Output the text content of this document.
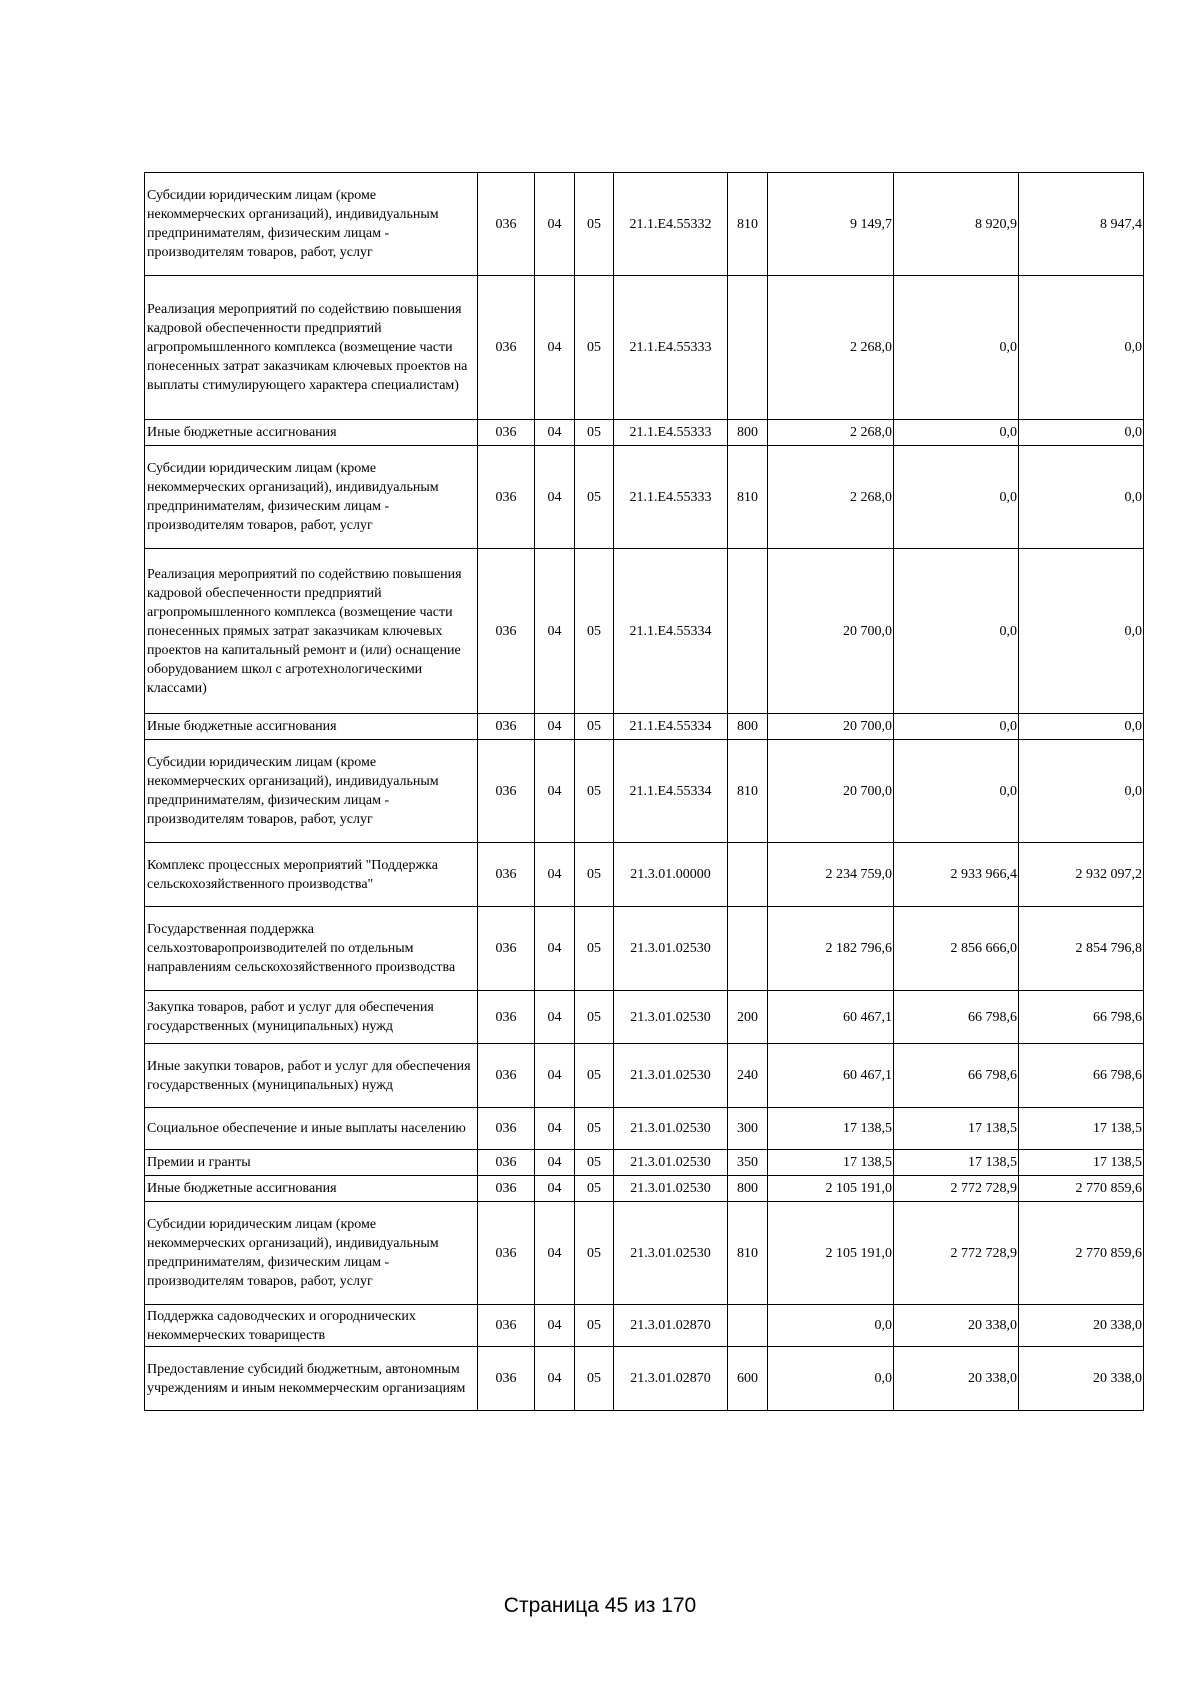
Субсидии юридическим лицам (кроме некоммерческих организаций), индивидуальным предпринимателям, физическим лицам - производителям товаров, работ, услуг	036	04	05	21.1.E4.55332	810	9 149,7	8 920,9	8 947,4
Реализация мероприятий по содействию повышения кадровой обеспеченности предприятий агропромышленного комплекса (возмещение части понесенных затрат заказчикам ключевых проектов на выплаты стимулирующего характера специалистам)	036	04	05	21.1.E4.55333		2 268,0	0,0	0,0
Иные бюджетные ассигнования	036	04	05	21.1.E4.55333	800	2 268,0	0,0	0,0
Субсидии юридическим лицам (кроме некоммерческих организаций), индивидуальным предпринимателям, физическим лицам - производителям товаров, работ, услуг	036	04	05	21.1.E4.55333	810	2 268,0	0,0	0,0
Реализация мероприятий по содействию повышения кадровой обеспеченности предприятий агропромышленного комплекса (возмещение части понесенных прямых затрат заказчикам ключевых проектов на капитальный ремонт и (или) оснащение оборудованием школ с агротехнологическими классами)	036	04	05	21.1.E4.55334		20 700,0	0,0	0,0
Иные бюджетные ассигнования	036	04	05	21.1.E4.55334	800	20 700,0	0,0	0,0
Субсидии юридическим лицам (кроме некоммерческих организаций), индивидуальным предпринимателям, физическим лицам - производителям товаров, работ, услуг	036	04	05	21.1.E4.55334	810	20 700,0	0,0	0,0
Комплекс процессных мероприятий "Поддержка сельскохозяйственного производства"	036	04	05	21.3.01.00000		2 234 759,0	2 933 966,4	2 932 097,2
Государственная поддержка сельхозтоваропроизводителей по отдельным направлениям сельскохозяйственного производства	036	04	05	21.3.01.02530		2 182 796,6	2 856 666,0	2 854 796,8
Закупка товаров, работ и услуг для обеспечения государственных (муниципальных) нужд	036	04	05	21.3.01.02530	200	60 467,1	66 798,6	66 798,6
Иные закупки товаров, работ и услуг для обеспечения государственных (муниципальных) нужд	036	04	05	21.3.01.02530	240	60 467,1	66 798,6	66 798,6
Социальное обеспечение и иные выплаты населению	036	04	05	21.3.01.02530	300	17 138,5	17 138,5	17 138,5
Премии и гранты	036	04	05	21.3.01.02530	350	17 138,5	17 138,5	17 138,5
Иные бюджетные ассигнования	036	04	05	21.3.01.02530	800	2 105 191,0	2 772 728,9	2 770 859,6
Субсидии юридическим лицам (кроме некоммерческих организаций), индивидуальным предпринимателям, физическим лицам - производителям товаров, работ, услуг	036	04	05	21.3.01.02530	810	2 105 191,0	2 772 728,9	2 770 859,6
Поддержка садоводческих и огороднических некоммерческих товариществ	036	04	05	21.3.01.02870		0,0	20 338,0	20 338,0
Предоставление субсидий бюджетным, автономным учреждениям и иным некоммерческим организациям	036	04	05	21.3.01.02870	600	0,0	20 338,0	20 338,0
Страница 45 из 170
